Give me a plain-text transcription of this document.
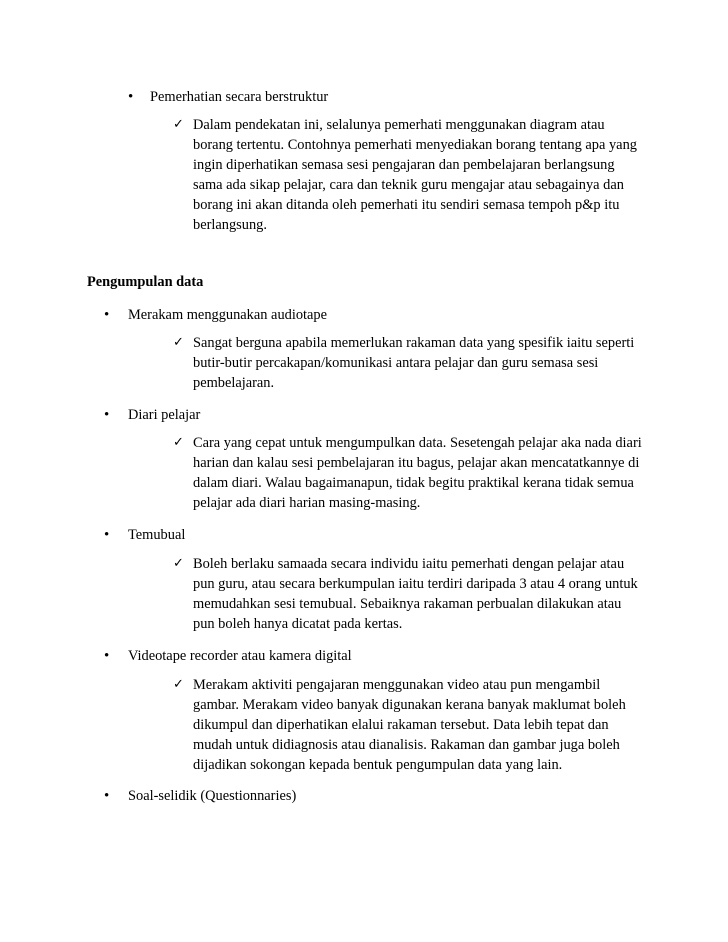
• Pemerhatian secara berstruktur
✓ Dalam pendekatan ini, selalunya pemerhati menggunakan diagram atau
borang tertentu. Contohnya pemerhati menyediakan borang tentang apa yang
ingin diperhatikan semasa sesi pengajaran dan pembelajaran berlangsung
sama ada sikap pelajar, cara dan teknik guru mengajar atau sebagainya dan
borang ini akan ditanda oleh pemerhati itu sendiri semasa tempoh p&p itu
berlangsung.
Pengumpulan data
• Merakam menggunakan audiotape
✓ Sangat berguna apabila memerlukan rakaman data yang spesifik iaitu seperti
butir-butir percakapan/komunikasi antara pelajar dan guru semasa sesi
pembelajaran.
• Diari pelajar
✓ Cara yang cepat untuk mengumpulkan data. Sesetengah pelajar aka nada diari
harian dan kalau sesi pembelajaran itu bagus, pelajar akan mencatatkannye di
dalam diari. Walau bagaimanapun, tidak begitu praktikal kerana tidak semua
pelajar ada diari harian masing-masing.
• Temubual
✓ Boleh berlaku samaada secara individu iaitu pemerhati dengan pelajar atau
pun guru, atau secara berkumpulan iaitu terdiri daripada 3 atau 4 orang untuk
memudahkan sesi temubual. Sebaiknya rakaman perbualan dilakukan atau
pun boleh hanya dicatat pada kertas.
• Videotape recorder atau kamera digital
✓ Merakam aktiviti pengajaran menggunakan video atau pun mengambil
gambar. Merakam video banyak digunakan kerana banyak maklumat boleh
dikumpul dan diperhatikan elalui rakaman tersebut. Data lebih tepat dan
mudah untuk didiagnosis atau dianalisis. Rakaman dan gambar juga boleh
dijadikan sokongan kepada bentuk pengumpulan data yang lain.
• Soal-selidik (Questionnaries)
